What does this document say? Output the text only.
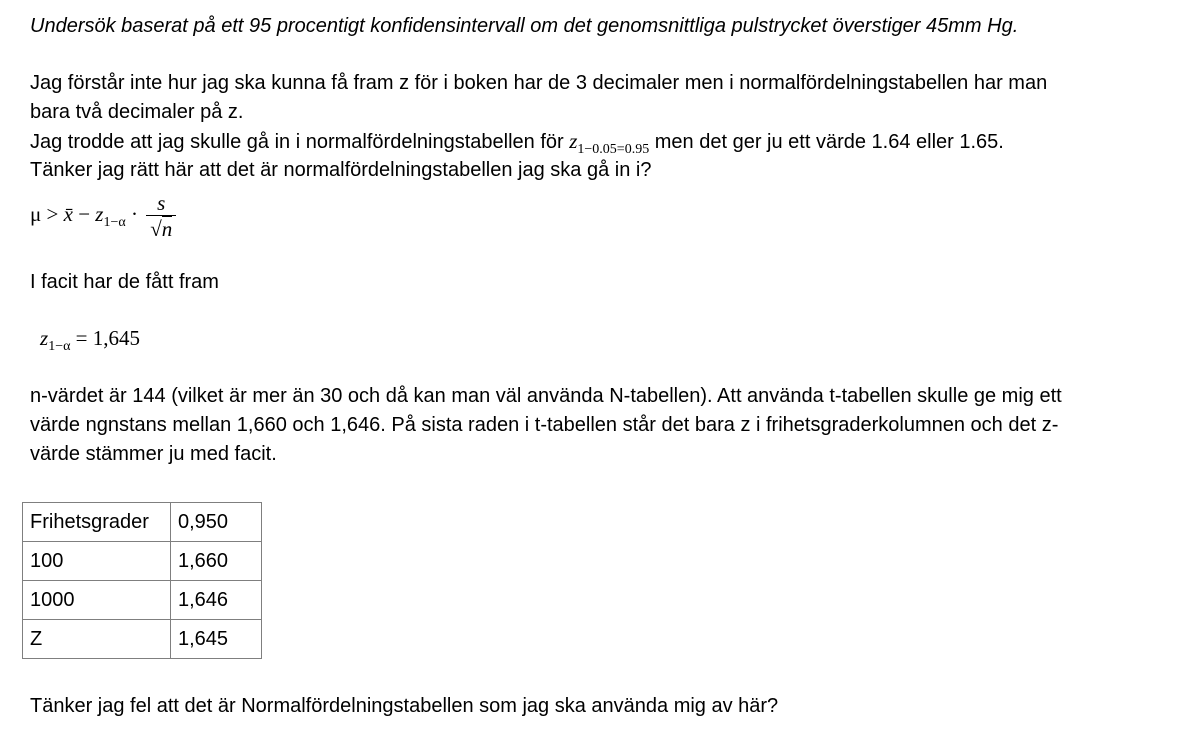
Undersök baserat på ett 95 procentigt konfidensintervall om det genomsnittliga pulstrycket överstiger 45mm Hg.
Jag förstår inte hur jag ska kunna få fram z för i boken har de 3 decimaler men i normalfördelningstabellen har man
bara två decimaler på z.
Jag trodde att jag skulle gå in i normalfördelningstabellen för $z_{1-0.05=0.95}$ men det ger ju ett värde 1.64 eller 1.65.
Tänker jag rätt här att det är normalfördelningstabellen jag ska gå in i?
μ > x̄ − $z_{1-\alpha} \cdot \frac{s}{√n}$
I facit har de fått fram
$z_{1-\alpha} = 1,645$
n-värdet är 144 (vilket är mer än 30 och då kan man väl använda N-tabellen). Att använda t-tabellen skulle ge mig ett
värde ngnstans mellan 1,660 och 1,646. På sista raden i t-tabellen står det bara z i frihetsgraderkolumnen och det z-
värde stämmer ju med facit.
Frihetsgrader	0,950
100	1,660
1000	1,646
Z	1,645
Tänker jag fel att det är Normalfördelningstabellen som jag ska använda mig av här?
